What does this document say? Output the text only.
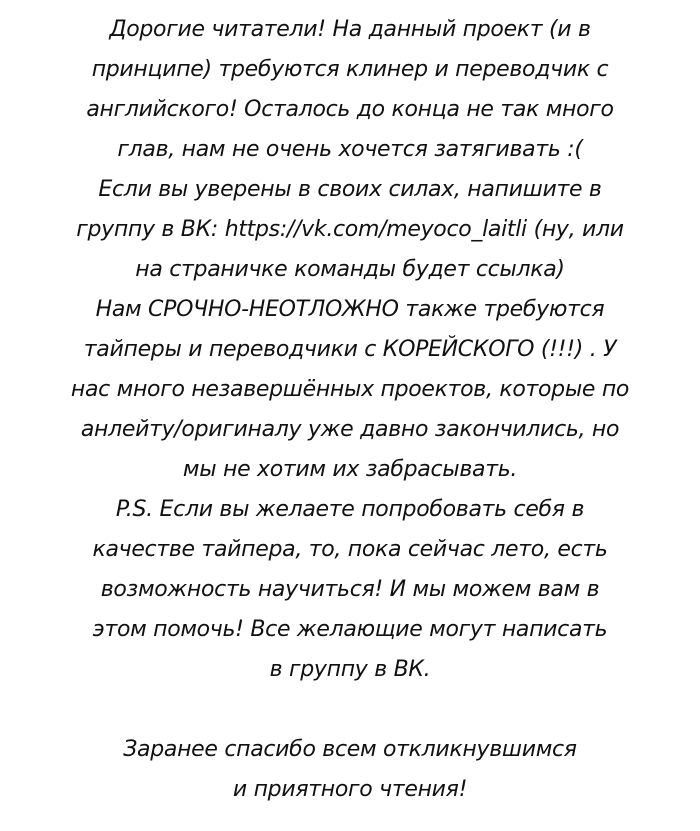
Дорогие читатели! На данный проект (и в
принципе) требуются клинер и переводчик с
английского! Осталось до конца не так много
глав, нам не очень хочется затягивать :(
Если вы уверены в своих силах, напишите в
группу в ВК: https://vk.com/meyoco_laitli (ну, или
на страничке команды будет ссылка)
Нам СРОЧНО-НЕОТЛОЖНО также требуются
тайперы и переводчики с КОРЕЙСКОГО (!!!) . У
нас много незавершённых проектов, которые по
анлейту/оригиналу уже давно закончились, но
мы не хотим их забрасывать.
P.S. Если вы желаете попробовать себя в
качестве тайпера, то, пока сейчас лето, есть
возможность научиться! И мы можем вам в
этом помочь! Все желающие могут написать
в группу в ВК.
Заранее спасибо всем откликнувшимся
и приятного чтения!
